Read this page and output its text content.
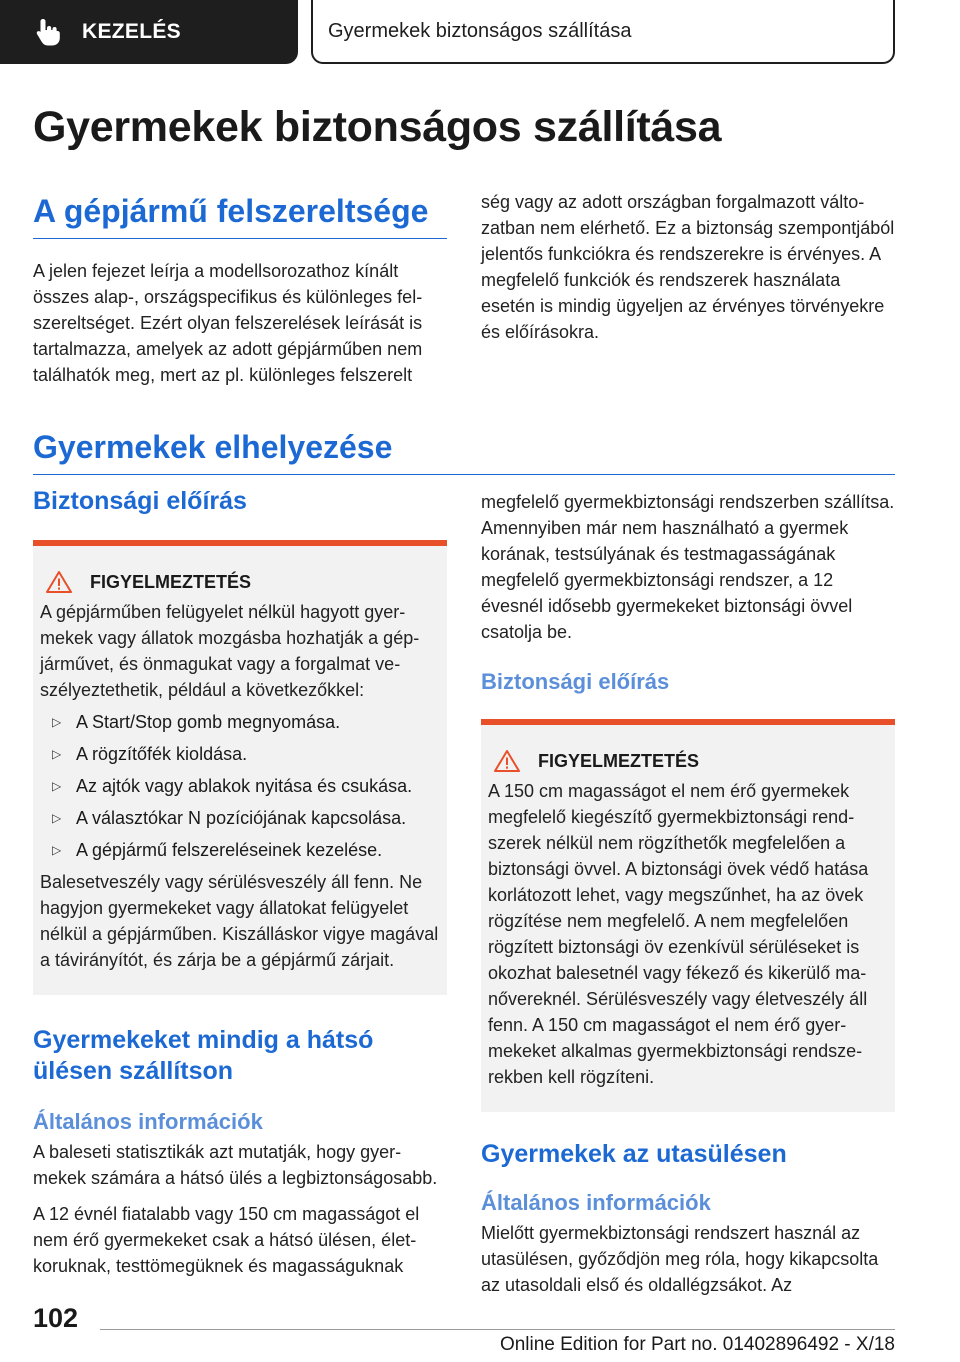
KEZELÉS	Gyermekek biztonságos szállítása
Gyermekek biztonságos szállítása
A gépjármű felszereltsége

A jelen fejezet leírja a modellsorozathoz kínált összes alap-, országspecifikus és különleges felszereltséget. Ezért olyan felszerelések leírását is tartalmazza, amelyek az adott gépjárműben nem találhatók meg, mert az pl. különleges felszerelt

ség vagy az adott országban forgalmazott változatban nem elérhető. Ez a biztonság szempontjából jelentős funkciókra és rendszerekre is érvényes. A megfelelő funkciók és rendszerek használata esetén is mindig ügyeljen az érvényes törvényekre és előírásokra.

Gyermekek elhelyezése
Biztonsági előírás
FIGYELMEZTETÉS

A gépjárműben felügyelet nélkül hagyott gyermekek vagy állatok mozgásba hozhatják a gépjárművet, és önmagukat vagy a forgalmat veszélyeztethetik, például a következőkkel:

▷ A Start/Stop gomb megnyomása.
▷ A rögzítőfék kioldása.
▷ Az ajtók vagy ablakok nyitása és csukása.
▷ A választókar N pozíciójának kapcsolása.
▷ A gépjármű felszereléseinek kezelése.

Balesetveszély vagy sérülésveszély áll fenn. Ne hagyjon gyermekeket vagy állatokat felügyelet nélkül a gépjárműben. Kiszálláskor vigye magával a távirányítót, és zárja be a gépjármű zárjait.

Gyermekeket mindig a hátsó ülésen szállítson
Általános információk

A baleseti statisztikák azt mutatják, hogy gyermekek számára a hátsó ülés a legbiztonságosabb.

A 12 évnél fiatalabb vagy 150 cm magasságot el nem érő gyermekeket csak a hátsó ülésen, életkoruknak, testtömegüknek és magasságuknak

megfelelő gyermekbiztonsági rendszerben szállítsa. Amennyiben már nem használható a gyermek korának, testsúlyának és testmagasságának megfelelő gyermekbiztonsági rendszer, a 12 évesnél idősebb gyermekeket biztonsági övvel csatolja be.

Biztonsági előírás
FIGYELMEZTETÉS

A 150 cm magasságot el nem érő gyermekek megfelelő kiegészítő gyermekbiztonsági rendszerek nélkül nem rögzíthetők megfelelően a biztonsági övvel. A biztonsági övek védő hatása korlátozott lehet, vagy megszűnhet, ha az övek rögzítése nem megfelelő. A nem megfelelően rögzített biztonsági öv ezenkívül sérüléseket is okozhat balesetnél vagy fékező és kikerülő manővereknél. Sérülésveszély vagy életveszély áll fenn. A 150 cm magasságot el nem érő gyermekeket alkalmas gyermekbiztonsági rendszerekben kell rögzíteni.

Gyermekek az utasülésen
Általános információk

Mielőtt gyermekbiztonsági rendszert használ az utasülésen, győződjön meg róla, hogy kikapcsolta az utasoldali első és oldallégzsákot. Az

102
Online Edition for Part no. 01402896492 - X/18
